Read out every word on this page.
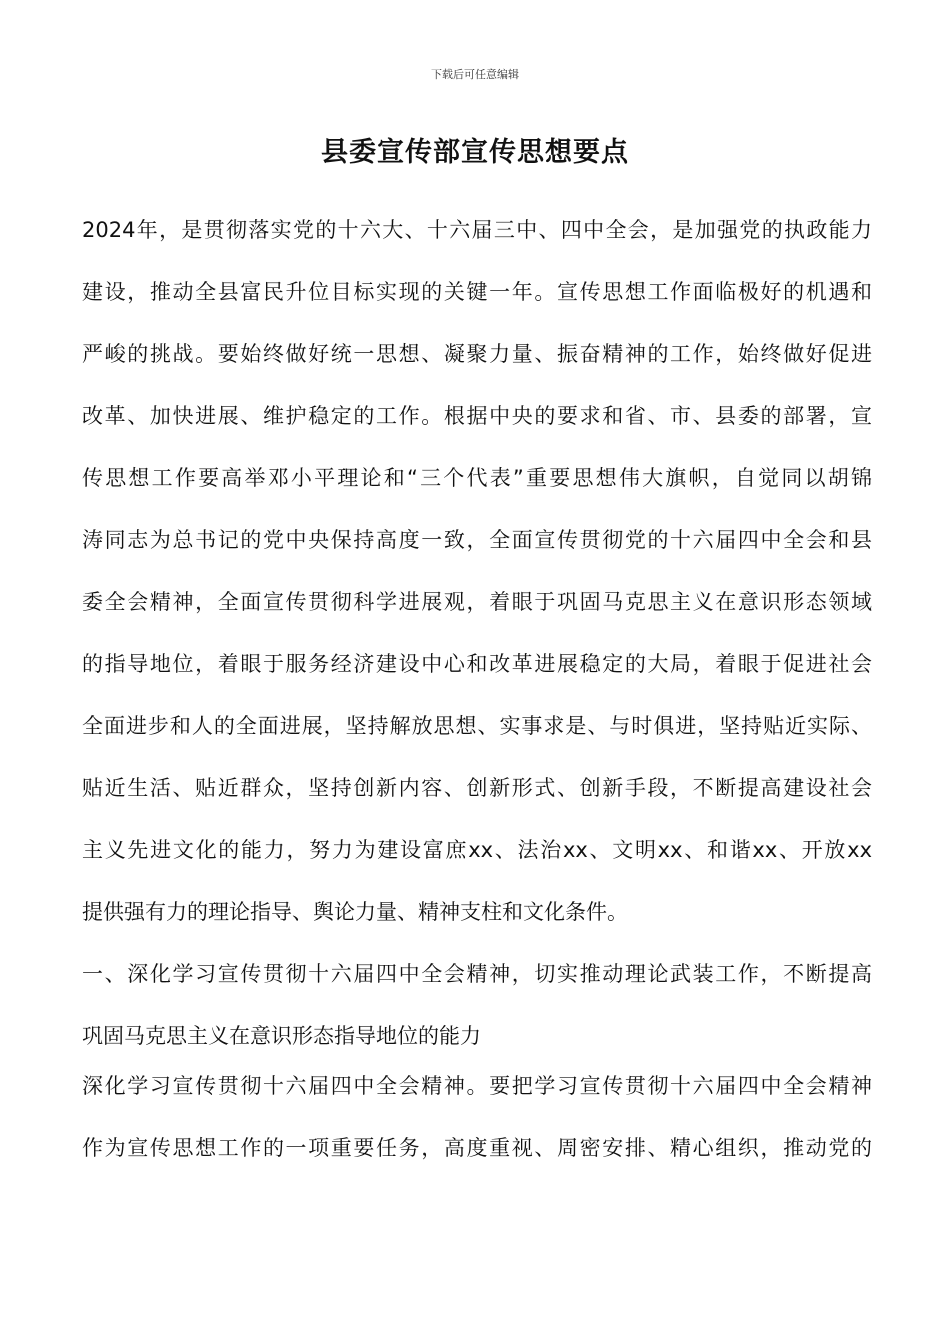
下载后可任意编辑
县委宣传部宣传思想要点
2024年，是贯彻落实党的十六大、十六届三中、四中全会，是加强党的执政能力
建设，推动全县富民升位目标实现的关键一年。宣传思想工作面临极好的机遇和
严峻的挑战。要始终做好统一思想、凝聚力量、振奋精神的工作，始终做好促进
改革、加快进展、维护稳定的工作。根据中央的要求和省、市、县委的部署，宣
传思想工作要高举邓小平理论和“三个代表”重要思想伟大旗帜，自觉同以胡锦
涛同志为总书记的党中央保持高度一致，全面宣传贯彻党的十六届四中全会和县
委全会精神，全面宣传贯彻科学进展观，着眼于巩固马克思主义在意识形态领域
的指导地位，着眼于服务经济建设中心和改革进展稳定的大局，着眼于促进社会
全面进步和人的全面进展，坚持解放思想、实事求是、与时俱进，坚持贴近实际、
贴近生活、贴近群众，坚持创新内容、创新形式、创新手段，不断提高建设社会
主义先进文化的能力，努力为建设富庶xx、法治xx、文明xx、和谐xx、开放xx
提供强有力的理论指导、舆论力量、精神支柱和文化条件。
一、深化学习宣传贯彻十六届四中全会精神，切实推动理论武装工作，不断提高
巩固马克思主义在意识形态指导地位的能力
深化学习宣传贯彻十六届四中全会精神。要把学习宣传贯彻十六届四中全会精神
作为宣传思想工作的一项重要任务，高度重视、周密安排、精心组织，推动党的
